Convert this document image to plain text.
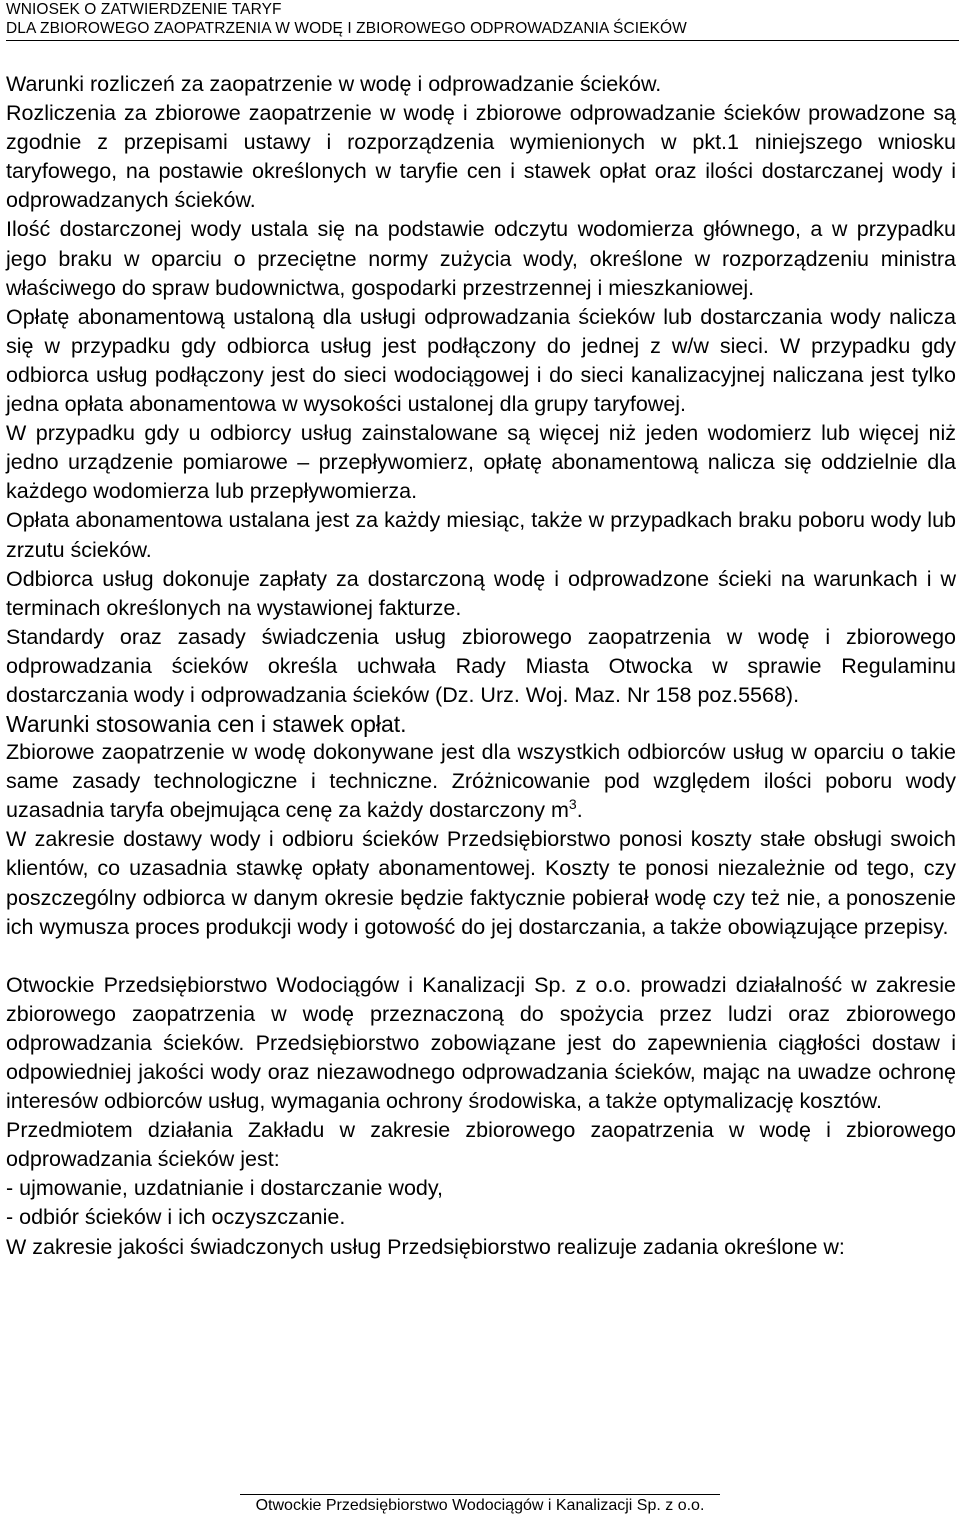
WNIOSEK O ZATWIERDZENIE TARYF
DLA ZBIOROWEGO ZAOPATRZENIA W WODĘ I ZBIOROWEGO ODPROWADZANIA ŚCIEKÓW

Warunki rozliczeń za zaopatrzenie w wodę i odprowadzanie ścieków.

Rozliczenia za zbiorowe zaopatrzenie w wodę i zbiorowe odprowadzanie ścieków prowadzone są zgodnie z przepisami ustawy i rozporządzenia wymienionych w pkt.1 niniejszego wniosku taryfowego, na postawie określonych w taryfie cen i stawek opłat oraz ilości dostarczanej wody i odprowadzanych ścieków.

Ilość dostarczonej wody ustala się na podstawie odczytu wodomierza głównego, a w przypadku jego braku w oparciu o przeciętne normy zużycia wody, określone w rozporządzeniu ministra właściwego do spraw budownictwa, gospodarki przestrzennej i mieszkaniowej.

Opłatę abonamentową ustaloną dla usługi odprowadzania ścieków lub dostarczania wody nalicza się w przypadku gdy odbiorca usług jest podłączony do jednej z w/w sieci. W przypadku gdy odbiorca usług podłączony jest do sieci wodociągowej i do sieci kanalizacyjnej naliczana jest tylko jedna opłata abonamentowa w wysokości ustalonej dla grupy taryfowej.

W przypadku gdy u odbiorcy usług zainstalowane są więcej niż jeden wodomierz lub więcej niż jedno urządzenie pomiarowe – przepływomierz, opłatę abonamentową nalicza się oddzielnie dla każdego wodomierza lub przepływomierza.

Opłata abonamentowa ustalana jest za każdy miesiąc, także w przypadkach braku poboru wody lub zrzutu ścieków.

Odbiorca usług dokonuje zapłaty za dostarczoną wodę i odprowadzone ścieki na warunkach i w terminach określonych na wystawionej fakturze.

Standardy oraz zasady świadczenia usług zbiorowego zaopatrzenia w wodę i zbiorowego odprowadzania ścieków określa uchwała Rady Miasta Otwocka w sprawie Regulaminu dostarczania wody i odprowadzania ścieków (Dz. Urz. Woj. Maz. Nr 158 poz.5568).

Warunki stosowania cen i stawek opłat.

Zbiorowe zaopatrzenie w wodę dokonywane jest dla wszystkich odbiorców usług w oparciu o takie same zasady technologiczne i techniczne. Zróżnicowanie pod względem ilości poboru wody uzasadnia taryfa obejmująca cenę za każdy dostarczony $m^3$.

W zakresie dostawy wody i odbioru ścieków Przedsiębiorstwo ponosi koszty stałe obsługi swoich klientów, co uzasadnia stawkę opłaty abonamentowej. Koszty te ponosi niezależnie od tego, czy poszczególny odbiorca w danym okresie będzie faktycznie pobierał wodę czy też nie, a ponoszenie ich wymusza proces produkcji wody i gotowość do jej dostarczania, a także obowiązujące przepisy.

Otwockie Przedsiębiorstwo Wodociągów i Kanalizacji Sp. z o.o. prowadzi działalność w zakresie zbiorowego zaopatrzenia w wodę przeznaczoną do spożycia przez ludzi oraz zbiorowego odprowadzania ścieków. Przedsiębiorstwo zobowiązane jest do zapewnienia ciągłości dostaw i odpowiedniej jakości wody oraz niezawodnego odprowadzania ścieków, mając na uwadze ochronę interesów odbiorców usług, wymagania ochrony środowiska, a także optymalizację kosztów.

Przedmiotem działania Zakładu w zakresie zbiorowego zaopatrzenia w wodę i zbiorowego odprowadzania ścieków jest:

- ujmowanie, uzdatnianie i dostarczanie wody,

- odbiór ścieków i ich oczyszczanie.

W zakresie jakości świadczonych usług Przedsiębiorstwo realizuje zadania określone w:

Otwockie Przedsiębiorstwo Wodociągów i Kanalizacji Sp. z o.o.
